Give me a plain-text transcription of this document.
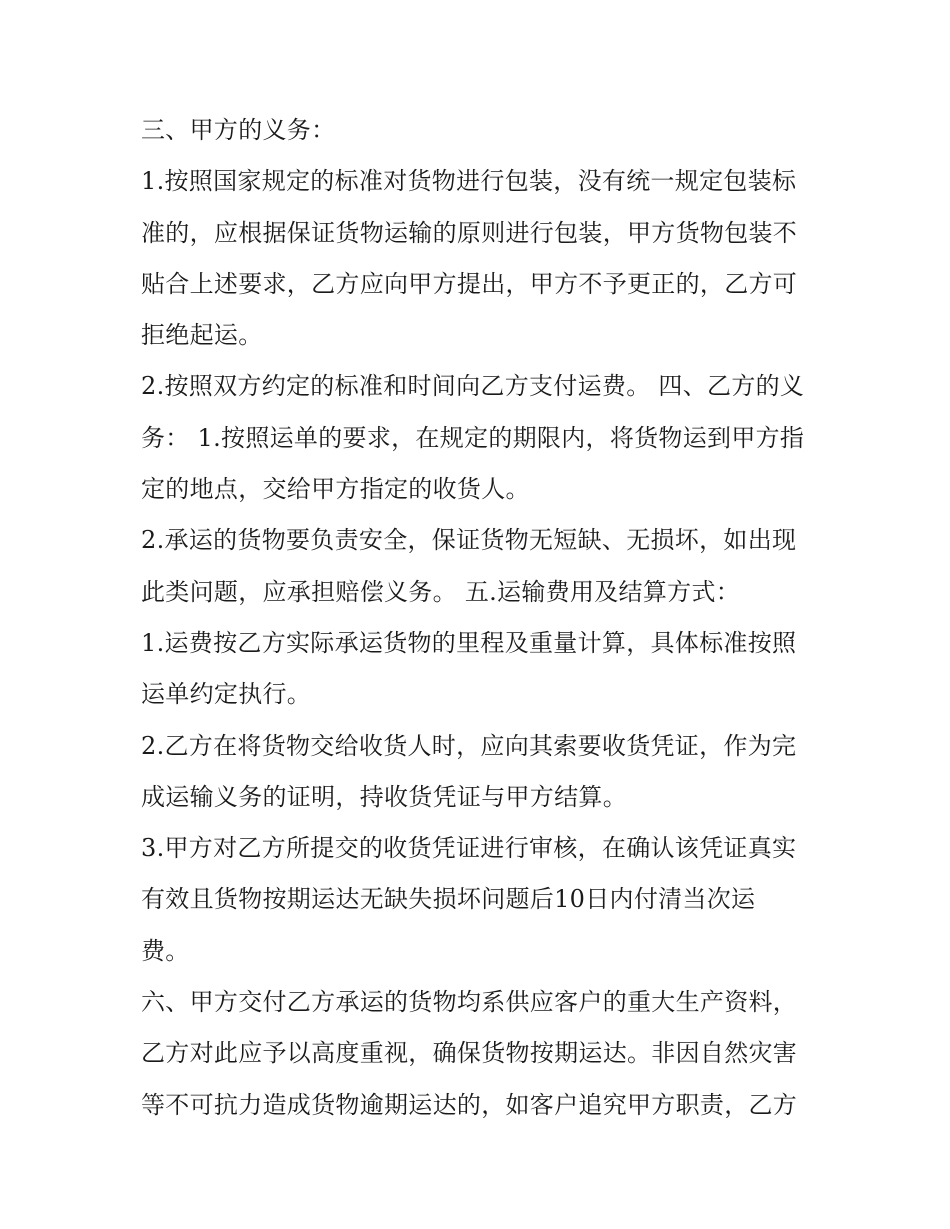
三、甲方的义务：
1.按照国家规定的标准对货物进行包装，没有统一规定包装标
准的，应根据保证货物运输的原则进行包装，甲方货物包装不
贴合上述要求，乙方应向甲方提出，甲方不予更正的，乙方可
拒绝起运。
2.按照双方约定的标准和时间向乙方支付运费。 四、乙方的义
务： 1.按照运单的要求，在规定的期限内，将货物运到甲方指
定的地点，交给甲方指定的收货人。
2.承运的货物要负责安全，保证货物无短缺、无损坏，如出现
此类问题，应承担赔偿义务。 五.运输费用及结算方式：
1.运费按乙方实际承运货物的里程及重量计算，具体标准按照
运单约定执行。
2.乙方在将货物交给收货人时，应向其索要收货凭证，作为完
成运输义务的证明，持收货凭证与甲方结算。
3.甲方对乙方所提交的收货凭证进行审核，在确认该凭证真实
有效且货物按期运达无缺失损坏问题后10日内付清当次运
费。
六、甲方交付乙方承运的货物均系供应客户的重大生产资料，
乙方对此应予以高度重视，确保货物按期运达。非因自然灾害
等不可抗力造成货物逾期运达的，如客户追究甲方职责，乙方
